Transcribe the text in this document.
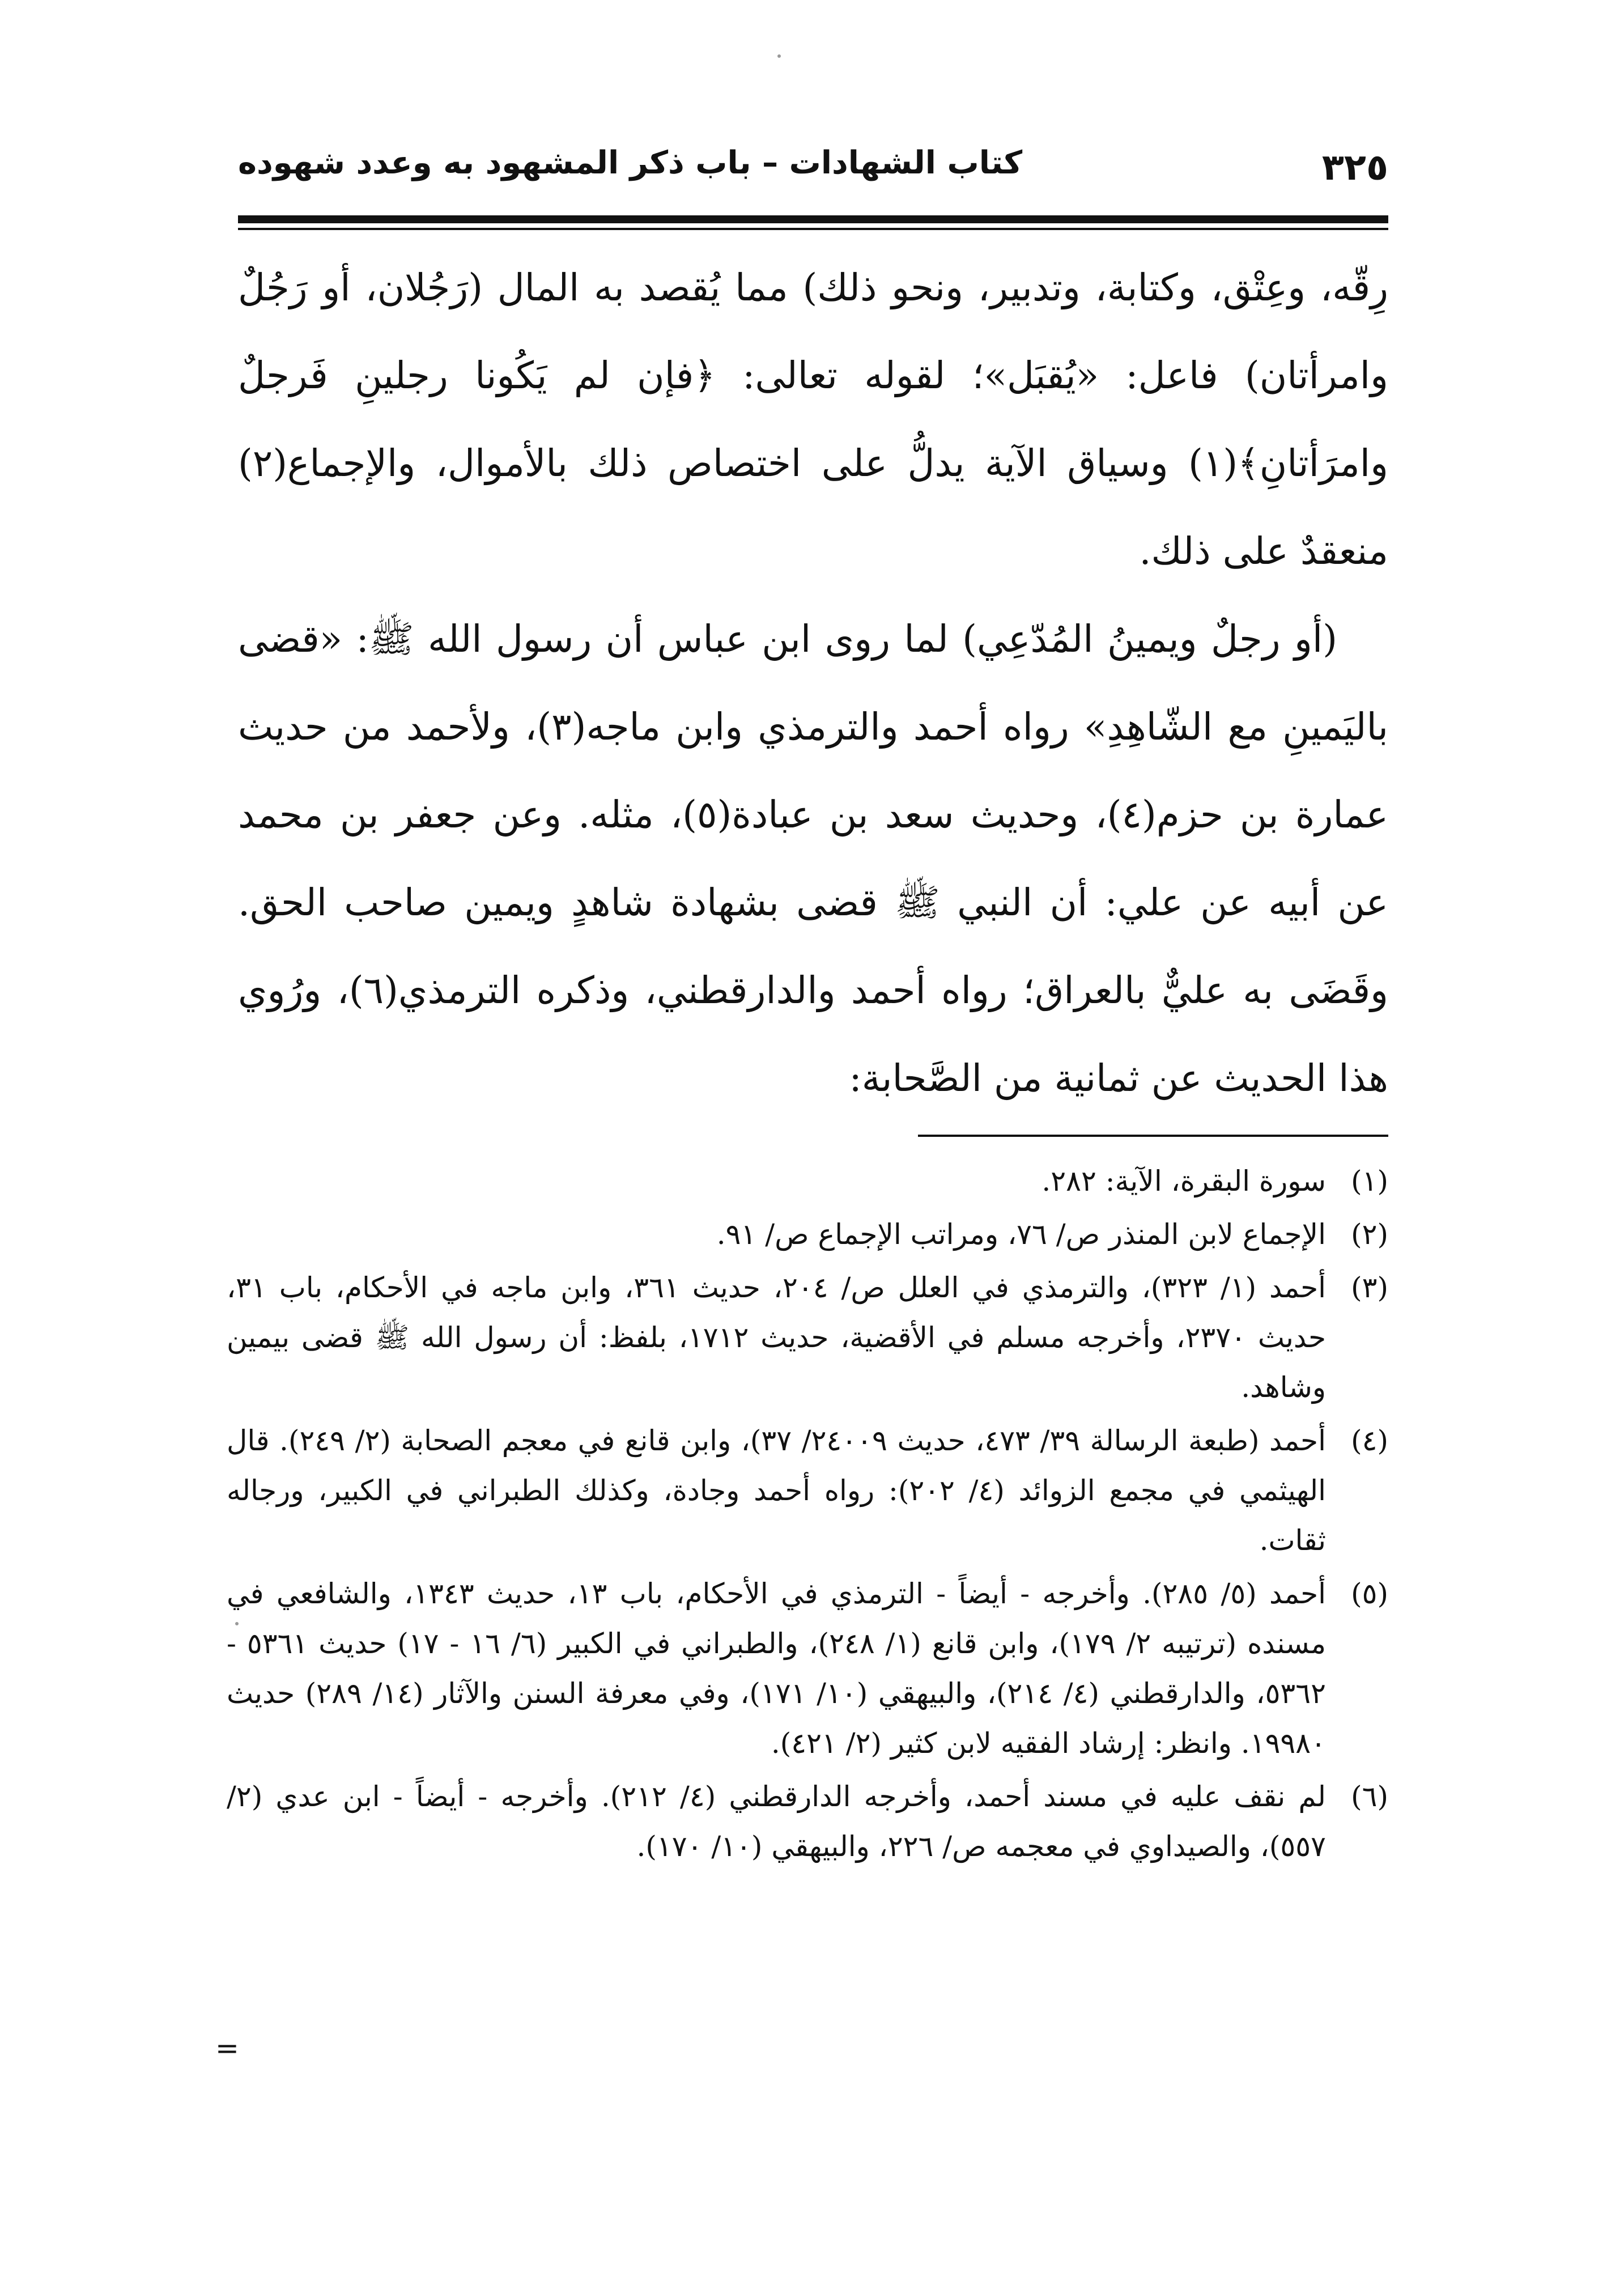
كتاب الشهادات – باب ذكر المشهود به وعدد شهوده	٣٢٥

رِقّه، وعِتْق، وكتابة، وتدبير، ونحو ذلك) مما يُقصد به المال (رَجُلان، أو رَجُلٌ وامرأتان) فاعل: «يُقبَل»؛ لقوله تعالى: ﴿فإن لم يَكُونا رجلينِ فَرجلٌ وامرَأتانِ﴾(١) وسياق الآية يدلُّ على اختصاص ذلك بالأموال، والإجماع(٢) منعقدٌ على ذلك.

(أو رجلٌ ويمينُ المُدّعِي) لما روى ابن عباس أن رسول الله ﷺ: «قضى باليَمينِ مع الشّاهِدِ» رواه أحمد والترمذي وابن ماجه(٣)، ولأحمد من حديث عمارة بن حزم(٤)، وحديث سعد بن عبادة(٥)، مثله. وعن جعفر بن محمد عن أبيه عن علي: أن النبي ﷺ قضى بشهادة شاهدٍ ويمين صاحب الحق. وقَضَى به عليٌّ بالعراق؛ رواه أحمد والدارقطني، وذكره الترمذي(٦)، ورُوي هذا الحديث عن ثمانية من الصَّحابة:

(١)
سورة البقرة، الآية: ٢٨٢.
(٢)
الإجماع لابن المنذر ص/ ٧٦، ومراتب الإجماع ص/ ٩١.
(٣)
أحمد (١/ ٣٢٣)، والترمذي في العلل ص/ ٢٠٤، حديث ٣٦١، وابن ماجه في الأحكام، باب ٣١، حديث ٢٣٧٠، وأخرجه مسلم في الأقضية، حديث ١٧١٢، بلفظ: أن رسول الله ﷺ قضى بيمين وشاهد.
(٤)
أحمد (طبعة الرسالة ٣٩/ ٤٧٣، حديث ٢٤٠٠٩/ ٣٧)، وابن قانع في معجم الصحابة (٢/ ٢٤٩). قال الهيثمي في مجمع الزوائد (٤/ ٢٠٢): رواه أحمد وجادة، وكذلك الطبراني في الكبير، ورجاله ثقات.
(٥)
أحمد (٥/ ٢٨٥). وأخرجه - أيضاً - الترمذي في الأحكام، باب ١٣، حديث ١٣٤٣، والشافعي في مسنده (ترتيبه ٢/ ١٧٩)، وابن قانع (١/ ٢٤٨)، والطبراني في الكبير (٦/ ١٦ - ١٧) حديث ٥٣٦١ - ٥٣٦٢، والدارقطني (٤/ ٢١٤)، والبيهقي (١٠/ ١٧١)، وفي معرفة السنن والآثار (١٤/ ٢٨٩) حديث ١٩٩٨٠. وانظر: إرشاد الفقيه لابن كثير (٢/ ٤٢١).
(٦)
لم نقف عليه في مسند أحمد، وأخرجه الدارقطني (٤/ ٢١٢). وأخرجه - أيضاً - ابن عدي (٢/ ٥٥٧)، والصيداوي في معجمه ص/ ٢٢٦، والبيهقي (١٠/ ١٧٠).
=
